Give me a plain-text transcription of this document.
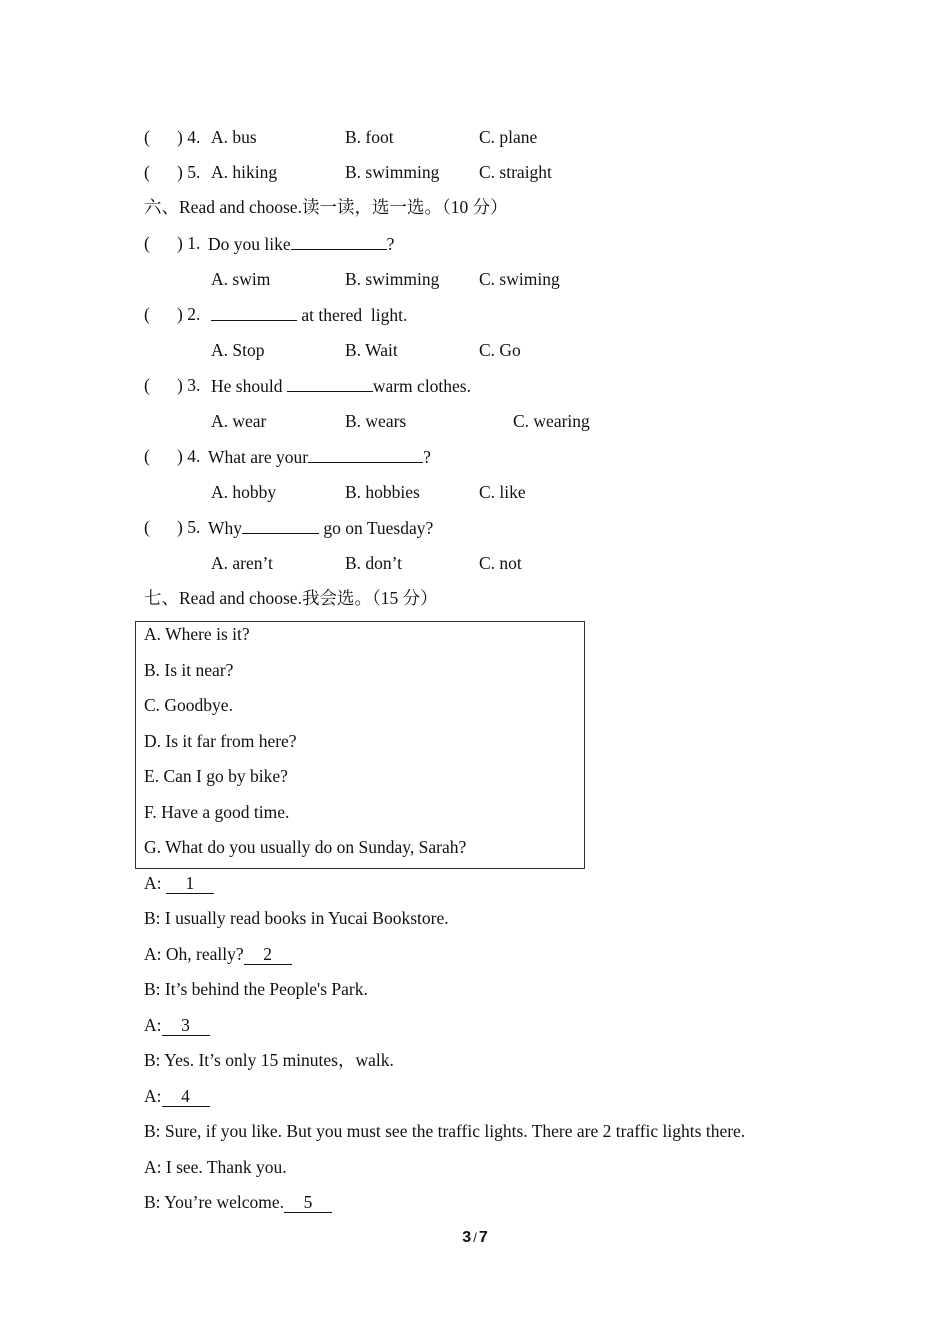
( ) 4. A. bus	B. foot	C. plane
( ) 5. A. hiking	B. swimming C. straight
六、Read and choose.读一读，选一选。（10 分）
( ) 1. Do you like	?
A. swim	B. swimming C. swiming
( ) 2.	at thered  light.
A. Stop	B. Wait	C. Go
( ) 3. He should	warm clothes.
A. wear	B. wears	C. wearing
( ) 4. What are your	?
A. hobby	B. hobbies	C. like
( ) 5. Why	go on Tuesday?
A. aren’t	B. don’t	C. not
七、Read and choose.我会选。（15 分）
A. Where is it?
B. Is it near?
C. Goodbye.
D. Is it far from here?
E. Can I go by bike?
F. Have a good time.
G. What do you usually do on Sunday, Sarah?
A: 1
B: I usually read books in Yucai Bookstore.
A: Oh, really? 2
B: It’s behind the People's Park.
A: 3
B: Yes. It’s only 15 minutes，walk.
A: 4
B: Sure, if you like. But you must see the traffic lights. There are 2 traffic lights there.
A: I see. Thank you.
B: You’re welcome. 5
3 / 7
